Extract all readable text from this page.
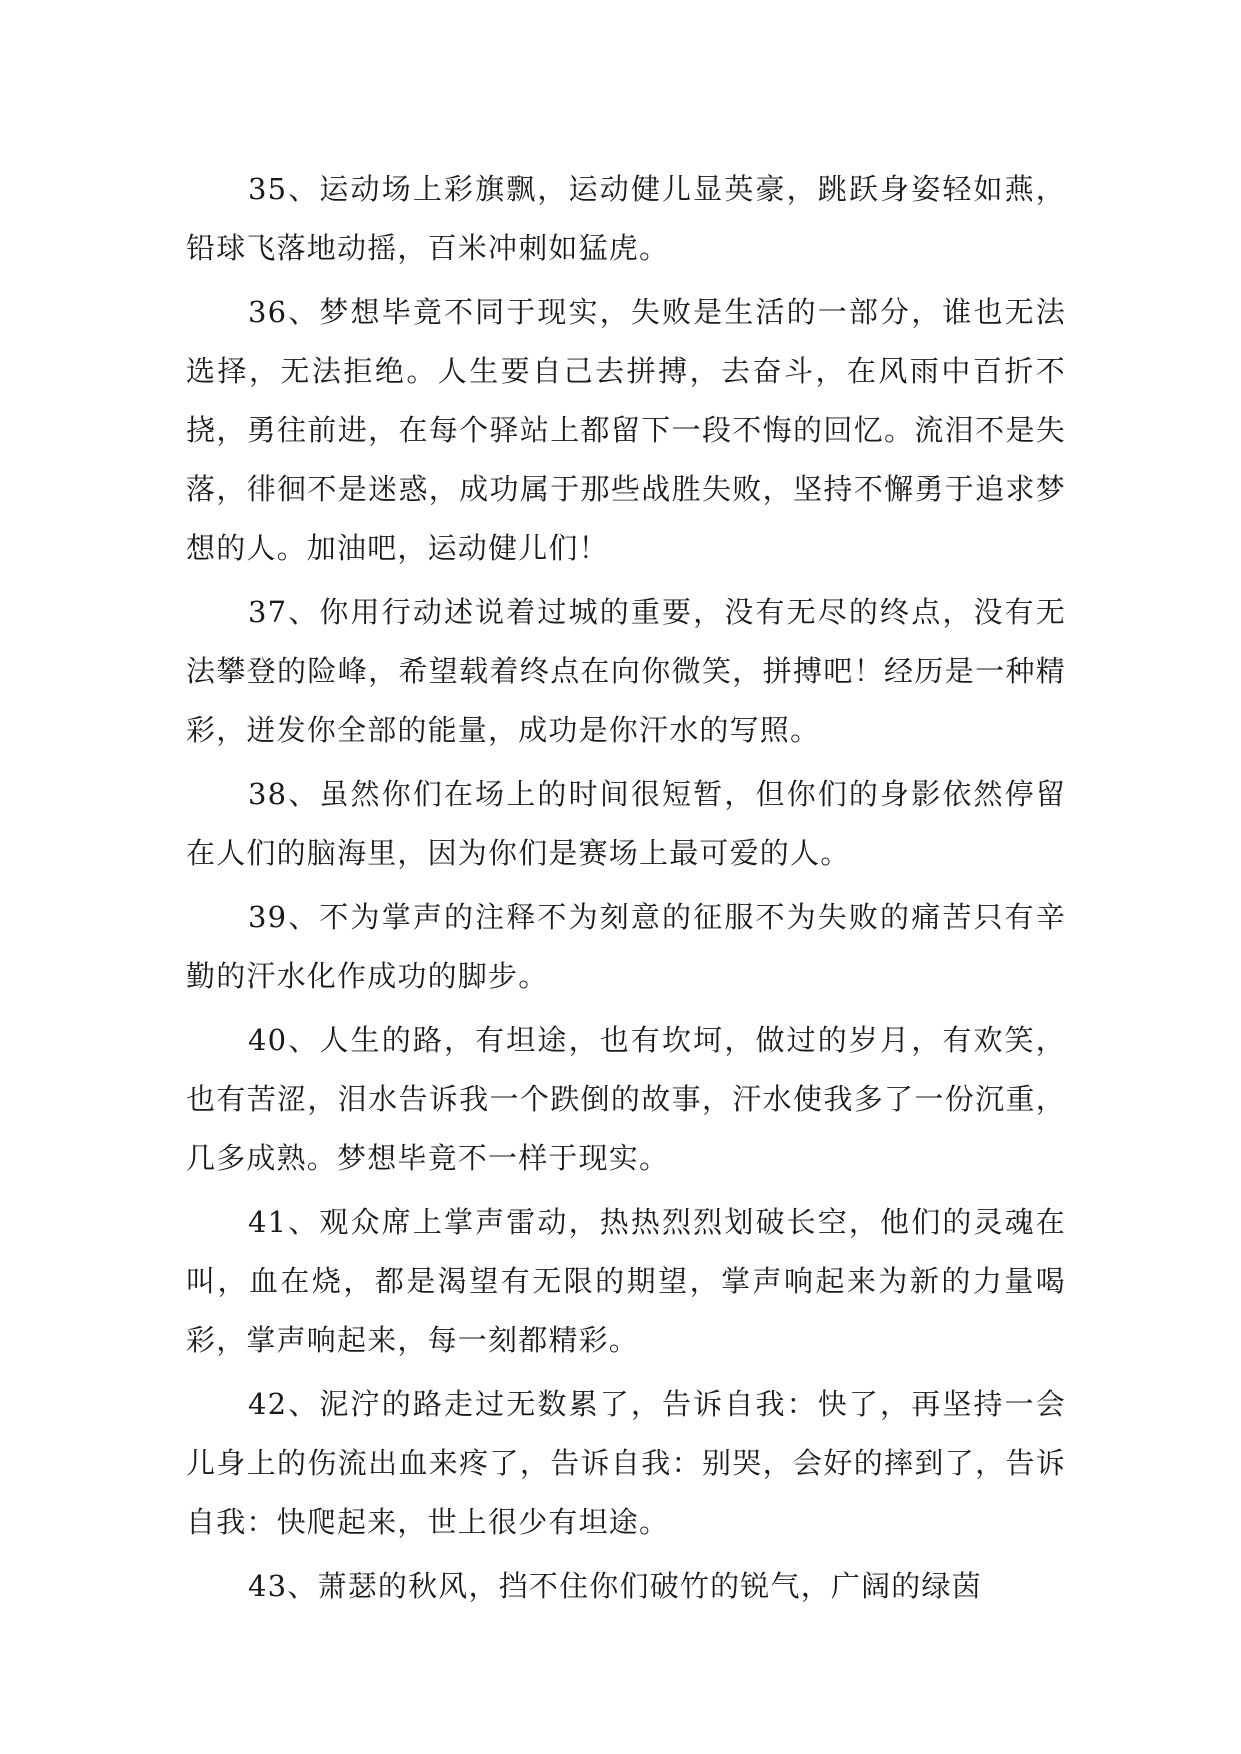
35、运动场上彩旗飘，运动健儿显英豪，跳跃身姿轻如燕，铅球飞落地动摇，百米冲刺如猛虎。

36、梦想毕竟不同于现实，失败是生活的一部分，谁也无法选择，无法拒绝。人生要自己去拼搏，去奋斗，在风雨中百折不挠，勇往前进，在每个驿站上都留下一段不悔的回忆。流泪不是失落，徘徊不是迷惑，成功属于那些战胜失败，坚持不懈勇于追求梦想的人。加油吧，运动健儿们！

37、你用行动述说着过城的重要，没有无尽的终点，没有无法攀登的险峰，希望载着终点在向你微笑，拼搏吧！经历是一种精彩，迸发你全部的能量，成功是你汗水的写照。

38、虽然你们在场上的时间很短暂，但你们的身影依然停留在人们的脑海里，因为你们是赛场上最可爱的人。

39、不为掌声的注释不为刻意的征服不为失败的痛苦只有辛勤的汗水化作成功的脚步。

40、人生的路，有坦途，也有坎坷，做过的岁月，有欢笑，也有苦涩，泪水告诉我一个跌倒的故事，汗水使我多了一份沉重，几多成熟。梦想毕竟不一样于现实。

41、观众席上掌声雷动，热热烈烈划破长空，他们的灵魂在叫，血在烧，都是渴望有无限的期望，掌声响起来为新的力量喝彩，掌声响起来，每一刻都精彩。

42、泥泞的路走过无数累了，告诉自我：快了，再坚持一会儿身上的伤流出血来疼了，告诉自我：别哭，会好的摔到了，告诉自我：快爬起来，世上很少有坦途。

43、萧瑟的秋风，挡不住你们破竹的锐气，广阔的绿茵
